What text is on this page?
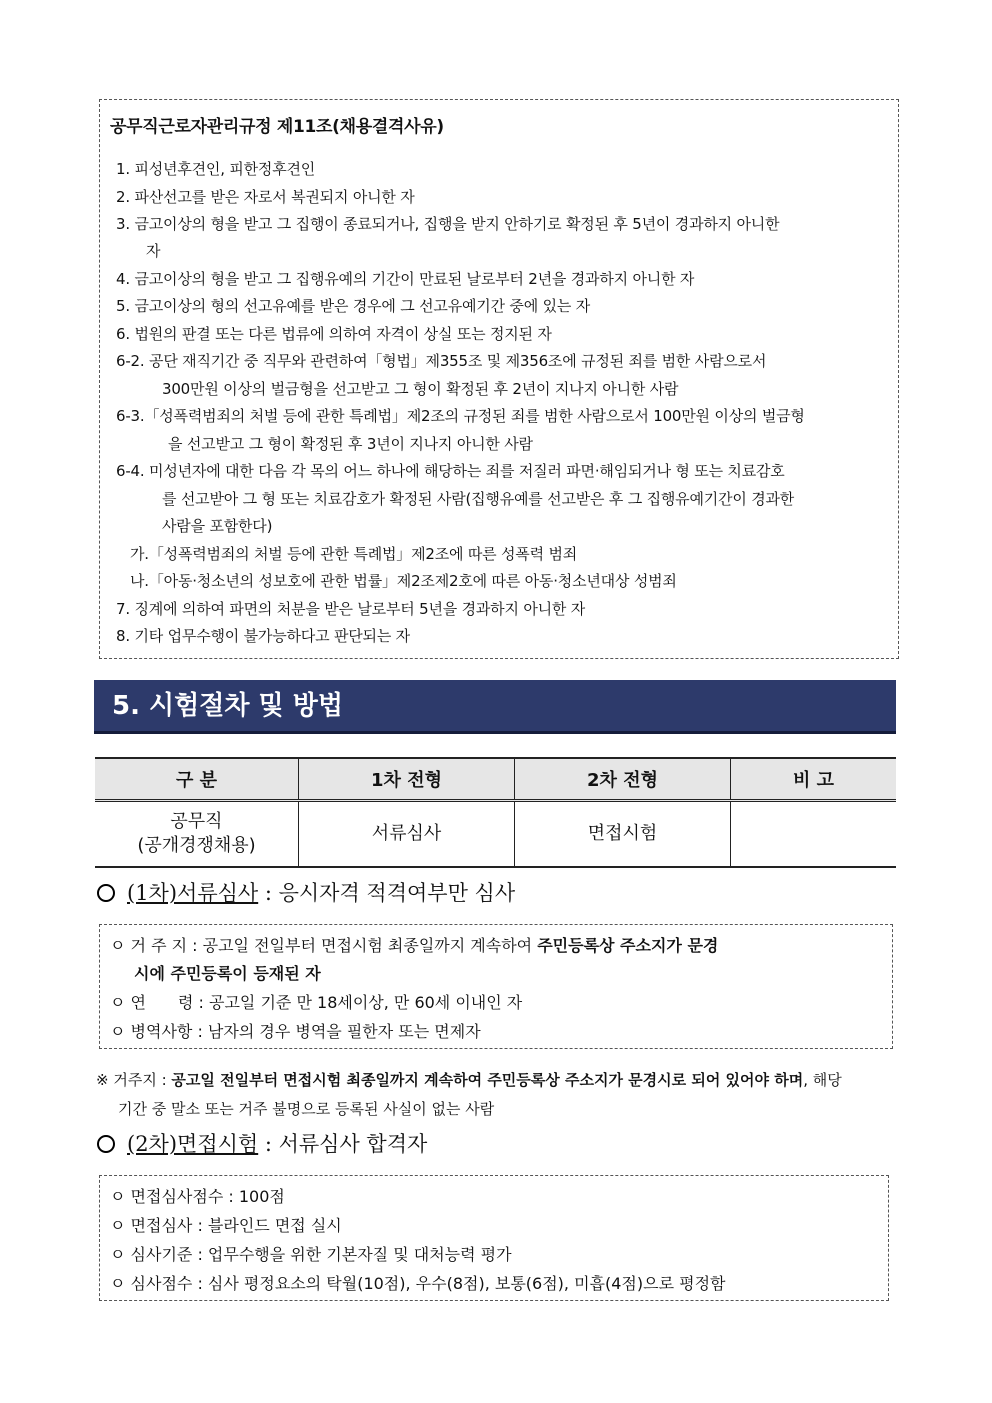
공무직근로자관리규정 제11조(채용결격사유)
1. 피성년후견인, 피한정후견인
2. 파산선고를 받은 자로서 복권되지 아니한 자
3. 금고이상의 형을 받고 그 집행이 종료되거나, 집행을 받지 안하기로 확정된 후 5년이 경과하지 아니한
자
4. 금고이상의 형을 받고 그 집행유예의 기간이 만료된 날로부터 2년을 경과하지 아니한 자
5. 금고이상의 형의 선고유예를 받은 경우에 그 선고유예기간 중에 있는 자
6. 법원의 판결 또는 다른 법류에 의하여 자격이 상실 또는 정지된 자
6-2. 공단 재직기간 중 직무와 관련하여「형법」제355조 및 제356조에 규정된 죄를 범한 사람으로서
300만원 이상의 벌금형을 선고받고 그 형이 확정된 후 2년이 지나지 아니한 사람
6-3.「성폭력범죄의 처벌 등에 관한 특례법」제2조의 규정된 죄를 범한 사람으로서 100만원 이상의 벌금형
을 선고받고 그 형이 확정된 후 3년이 지나지 아니한 사람
6-4. 미성년자에 대한 다음 각 목의 어느 하나에 해당하는 죄를 저질러 파면·해임되거나 형 또는 치료감호
를 선고받아 그 형 또는 치료감호가 확정된 사람(집행유예를 선고받은 후 그 집행유예기간이 경과한
사람을 포함한다)
가.「성폭력범죄의 처벌 등에 관한 특례법」제2조에 따른 성폭력 범죄
나.「아동·청소년의 성보호에 관한 법률」제2조제2호에 따른 아동·청소년대상 성범죄
7. 징계에 의하여 파면의 처분을 받은 날로부터 5년을 경과하지 아니한 자
8. 기타 업무수행이 불가능하다고 판단되는 자
5. 시험절차 및 방법
구 분	1차 전형	2차 전형	비 고

공무직
(공개경쟁채용)	서류심사	면접시험	
(1차)서류심사 : 응시자격 적격여부만 심사
ㅇ 거 주 지 : 공고일 전일부터 면접시험 최종일까지 계속하여 주민등록상 주소지가 문경
시에 주민등록이 등재된 자
ㅇ 연　　령 : 공고일 기준 만 18세이상, 만 60세 이내인 자
ㅇ 병역사항 : 남자의 경우 병역을 필한자 또는 면제자
※ 거주지 : 공고일 전일부터 면접시험 최종일까지 계속하여 주민등록상 주소지가 문경시로 되어 있어야 하며, 해당
기간 중 말소 또는 거주 불명으로 등록된 사실이 없는 사람
(2차)면접시험 : 서류심사 합격자
ㅇ 면접심사점수 : 100점
ㅇ 면접심사 : 블라인드 면접 실시
ㅇ 심사기준 : 업무수행을 위한 기본자질 및 대처능력 평가
ㅇ 심사점수 : 심사 평정요소의 탁월(10점), 우수(8점), 보통(6점), 미흡(4점)으로 평정함
